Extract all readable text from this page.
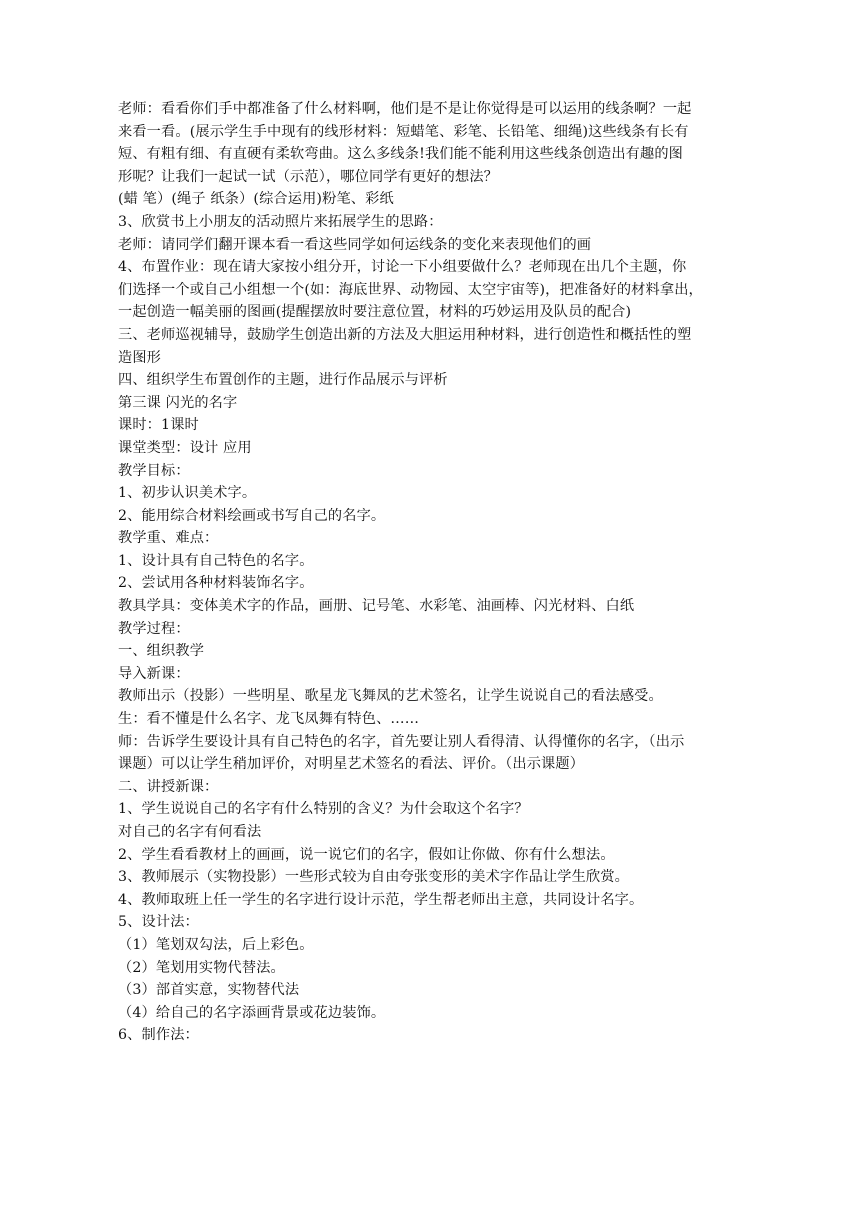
老师：看看你们手中都准备了什么材料啊，他们是不是让你觉得是可以运用的线条啊？一起
来看一看。(展示学生手中现有的线形材料：短蜡笔、彩笔、长铅笔、细绳)这些线条有长有
短、有粗有细、有直硬有柔软弯曲。这么多线条!我们能不能利用这些线条创造出有趣的图
形呢？让我们一起试一试（示范），哪位同学有更好的想法？
(蜡 笔）(绳子 纸条）(综合运用)粉笔、彩纸
3、欣赏书上小朋友的活动照片来拓展学生的思路：
老师：请同学们翻开课本看一看这些同学如何运线条的变化来表现他们的画
4、布置作业：现在请大家按小组分开，讨论一下小组要做什么？老师现在出几个主题，你
们选择一个或自己小组想一个(如：海底世界、动物园、太空宇宙等)，把准备好的材料拿出，
一起创造一幅美丽的图画(提醒摆放时要注意位置，材料的巧妙运用及队员的配合)
三、老师巡视辅导，鼓励学生创造出新的方法及大胆运用种材料，进行创造性和概括性的塑
造图形
四、组织学生布置创作的主题，进行作品展示与评析
第三课 闪光的名字
课时：1课时
课堂类型：设计 应用
教学目标：
1、初步认识美术字。
2、能用综合材料绘画或书写自己的名字。
教学重、难点：
1、设计具有自己特色的名字。
2、尝试用各种材料装饰名字。
教具学具：变体美术字的作品，画册、记号笔、水彩笔、油画棒、闪光材料、白纸
教学过程：
一、组织教学
导入新课：
教师出示（投影）一些明星、歌星龙飞舞凤的艺术签名，让学生说说自己的看法感受。
生：看不懂是什么名字、龙飞凤舞有特色、……
师：告诉学生要设计具有自己特色的名字，首先要让别人看得清、认得懂你的名字，（出示
课题）可以让学生稍加评价，对明星艺术签名的看法、评价。（出示课题）
二、讲授新课：
1、学生说说自己的名字有什么特别的含义？为什会取这个名字？
对自己的名字有何看法
2、学生看看教材上的画画，说一说它们的名字，假如让你做、你有什么想法。
3、教师展示（实物投影）一些形式较为自由夸张变形的美术字作品让学生欣赏。
4、教师取班上任一学生的名字进行设计示范，学生帮老师出主意，共同设计名字。
5、设计法：
（1）笔划双勾法，后上彩色。
（2）笔划用实物代替法。
（3）部首实意，实物替代法
（4）给自己的名字添画背景或花边装饰。
6、制作法：
